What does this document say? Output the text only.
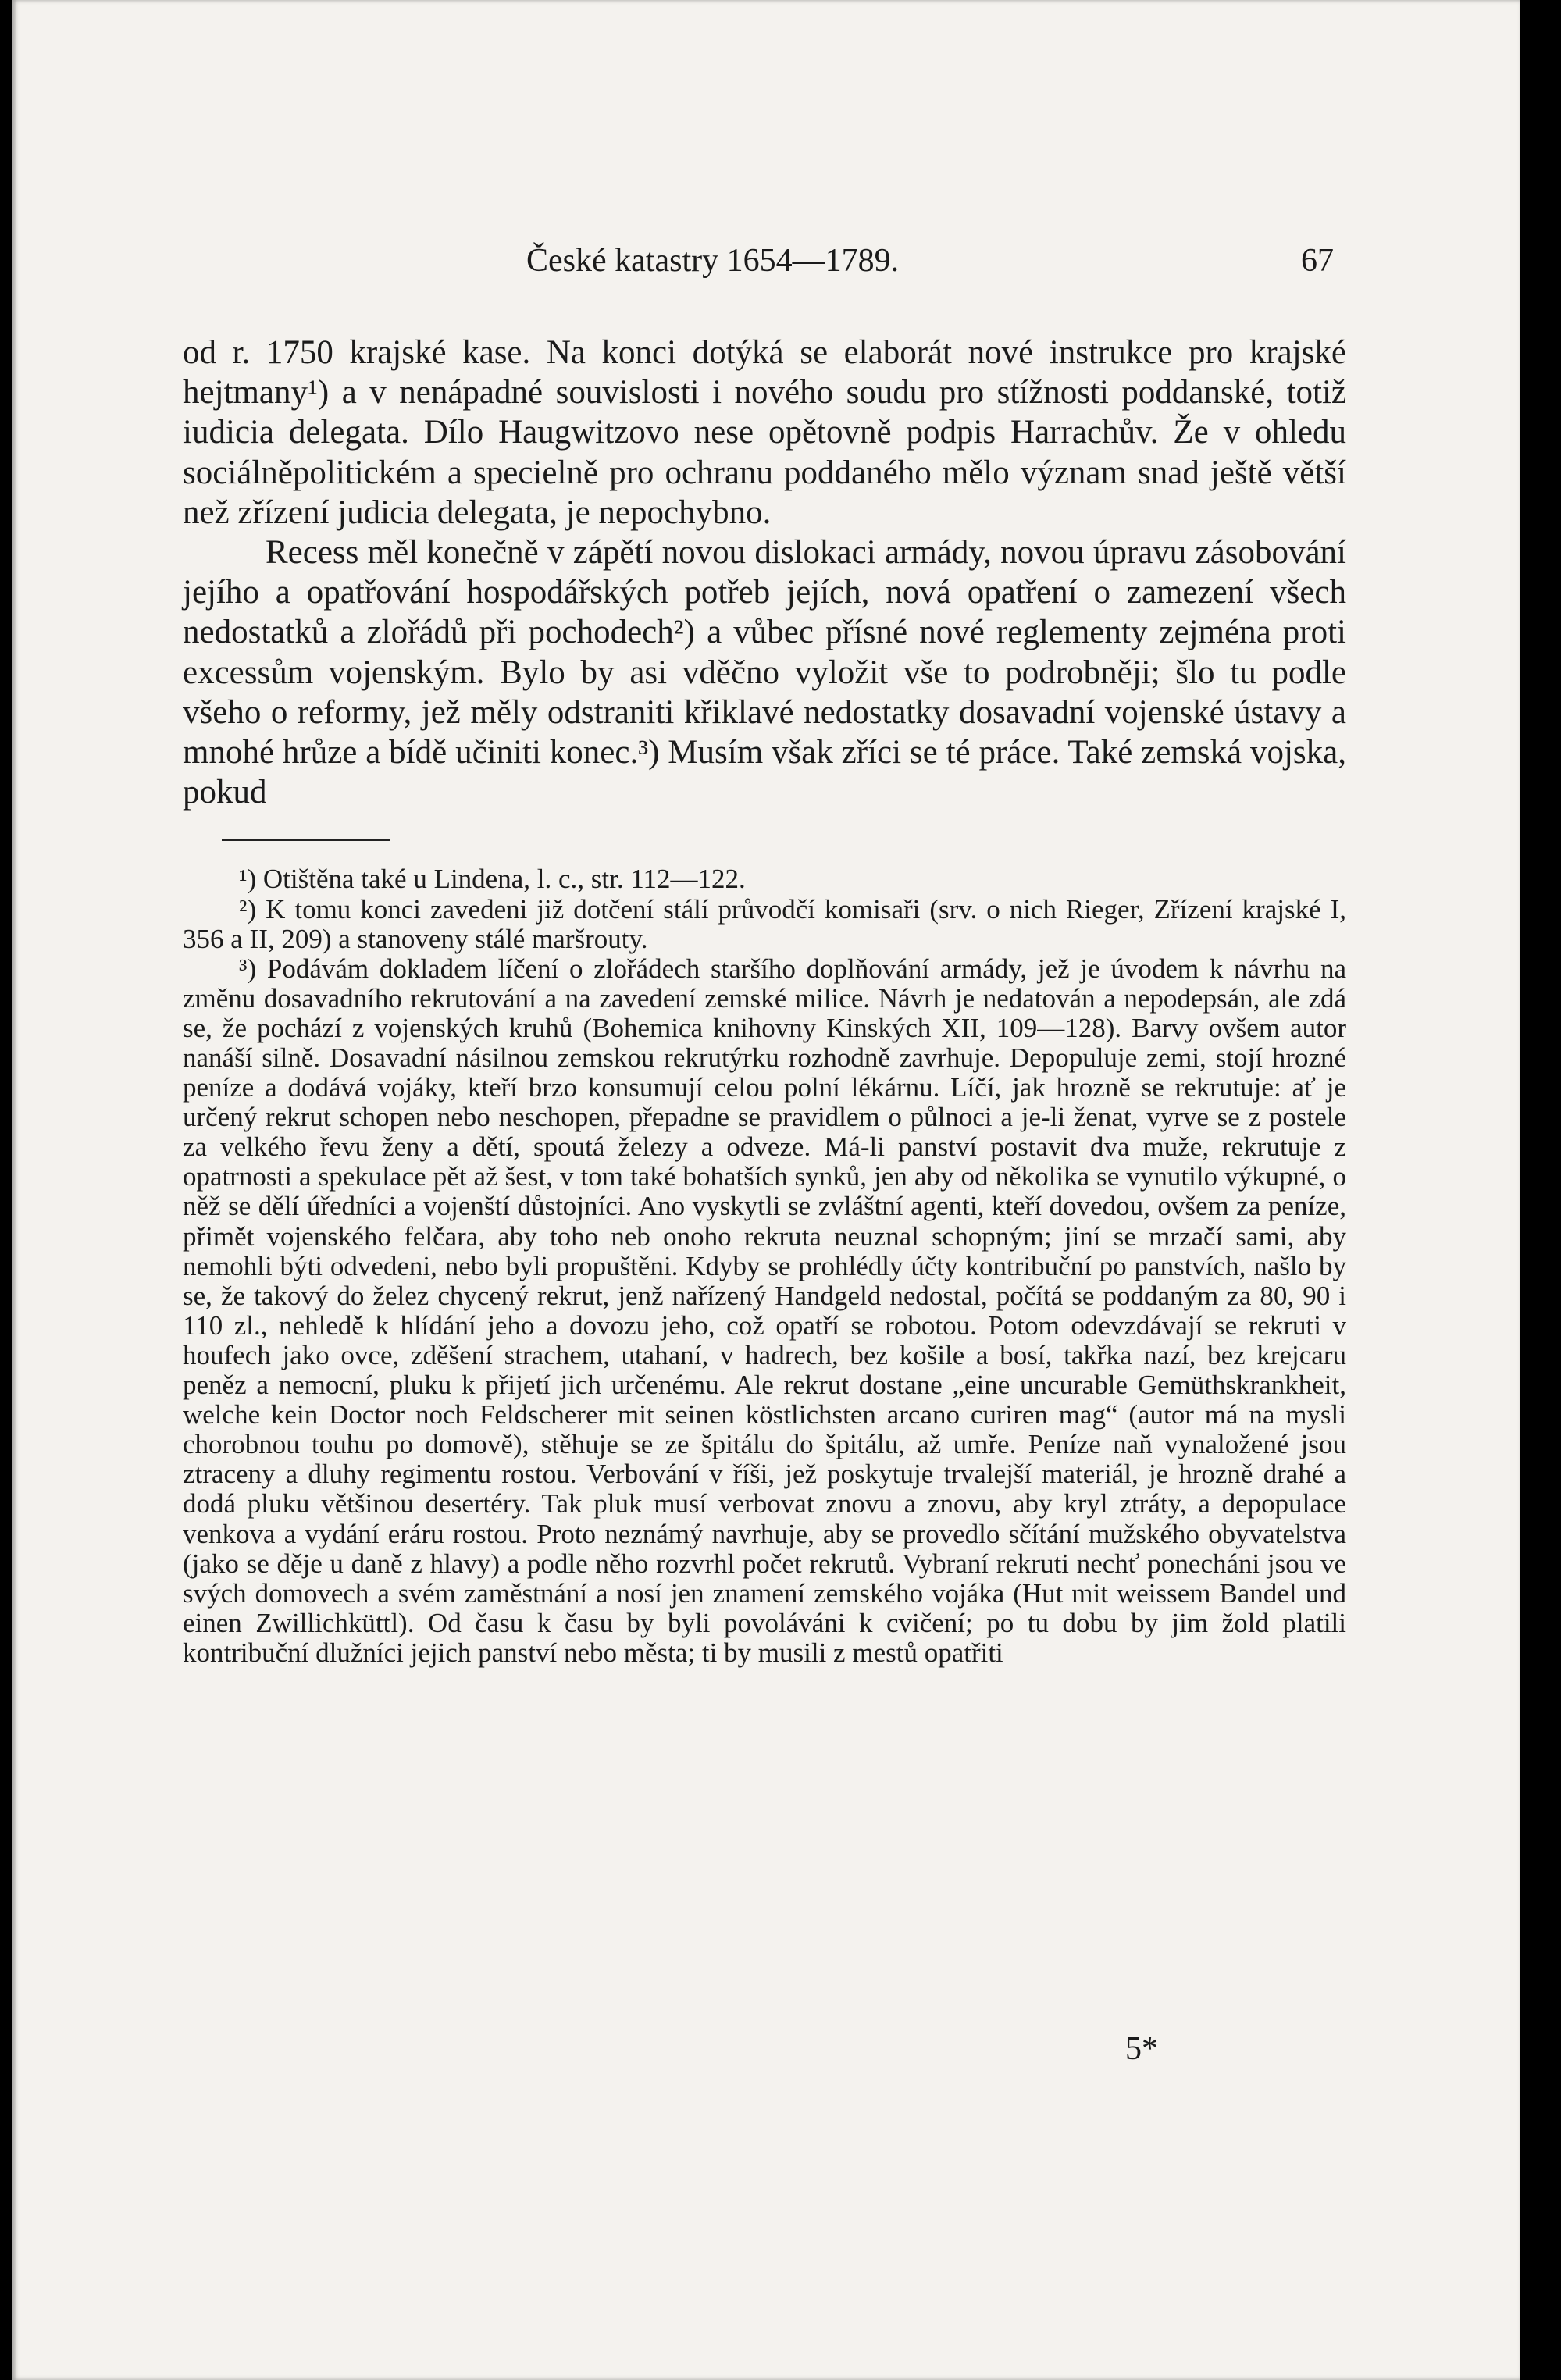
České katastry 1654—1789.	67

od r. 1750 krajské kase. Na konci dotýká se elaborát nové instrukce pro krajské hejtmany¹) a v nenápadné souvislosti i nového soudu pro stížnosti poddanské, totiž iudicia delegata. Dílo Haugwitzovo nese opětovně podpis Harrachův. Že v ohledu sociálněpolitickém a specielně pro ochranu poddaného mělo význam snad ještě větší než zřízení judicia delegata, je nepochybno.

Recess měl konečně v zápětí novou dislokaci armády, novou úpravu zásobování jejího a opatřování hospodářských potřeb jejích, nová opatření o zamezení všech nedostatků a zlořádů při pochodech²) a vůbec přísné nové reglementy zejména proti excessům vojenským. Bylo by asi vděčno vyložit vše to podrobněji; šlo tu podle všeho o reformy, jež měly odstraniti křiklavé nedostatky dosavadní vojenské ústavy a mnohé hrůze a bídě učiniti konec.³) Musím však zříci se té práce. Také zemská vojska, pokud

¹) Otištěna také u Lindena, l. c., str. 112—122.

²) K tomu konci zavedeni již dotčení stálí průvodčí komisaři (srv. o nich Rieger, Zřízení krajské I, 356 a II, 209) a stanoveny stálé maršrouty.

³) Podávám dokladem líčení o zlořádech staršího doplňování armády, jež je úvodem k návrhu na změnu dosavadního rekrutování a na zavedení zemské milice. Návrh je nedatován a nepodepsán, ale zdá se, že pochází z vojenských kruhů (Bohemica knihovny Kinských XII, 109—128). Barvy ovšem autor nanáší silně. Dosavadní násilnou zemskou rekrutýrku rozhodně zavrhuje. Depopuluje zemi, stojí hrozné peníze a dodává vojáky, kteří brzo konsumují celou polní lékárnu. Líčí, jak hrozně se rekrutuje: ať je určený rekrut schopen nebo neschopen, přepadne se pravidlem o půlnoci a je-li ženat, vyrve se z postele za velkého řevu ženy a dětí, spoutá železy a odveze. Má-li panství postavit dva muže, rekrutuje z opatrnosti a spekulace pět až šest, v tom také bohatších synků, jen aby od několika se vynutilo výkupné, o něž se dělí úředníci a vojenští důstojníci. Ano vyskytli se zvláštní agenti, kteří dovedou, ovšem za peníze, přimět vojenského felčara, aby toho neb onoho rekruta neuznal schopným; jiní se mrzačí sami, aby nemohli býti odvedeni, nebo byli propuštěni. Kdyby se prohlédly účty kontribuční po panstvích, našlo by se, že takový do želez chycený rekrut, jenž nařízený Handgeld nedostal, počítá se poddaným za 80, 90 i 110 zl., nehledě k hlídání jeho a dovozu jeho, což opatří se robotou. Potom odevzdávají se rekruti v houfech jako ovce, zděšení strachem, utahaní, v hadrech, bez košile a bosí, takřka nazí, bez krejcaru peněz a nemocní, pluku k přijetí jich určenému. Ale rekrut dostane „eine uncurable Gemüthskrankheit, welche kein Doctor noch Feldscherer mit seinen köstlichsten arcano curiren mag“ (autor má na mysli chorobnou touhu po domově), stěhuje se ze špitálu do špitálu, až umře. Peníze naň vynaložené jsou ztraceny a dluhy regimentu rostou. Verbování v říši, jež poskytuje trvalejší materiál, je hrozně drahé a dodá pluku většinou desertéry. Tak pluk musí verbovat znovu a znovu, aby kryl ztráty, a depopulace venkova a vydání eráru rostou. Proto neznámý navrhuje, aby se provedlo sčítání mužského obyvatelstva (jako se děje u daně z hlavy) a podle něho rozvrhl počet rekrutů. Vybraní rekruti nechť ponecháni jsou ve svých domovech a svém zaměstnání a nosí jen znamení zemského vojáka (Hut mit weissem Bandel und einen Zwillichküttl). Od času k času by byli povoláváni k cvičení; po tu dobu by jim žold platili kontribuční dlužníci jejich panství nebo města; ti by musili z mestů opatřiti

5*
